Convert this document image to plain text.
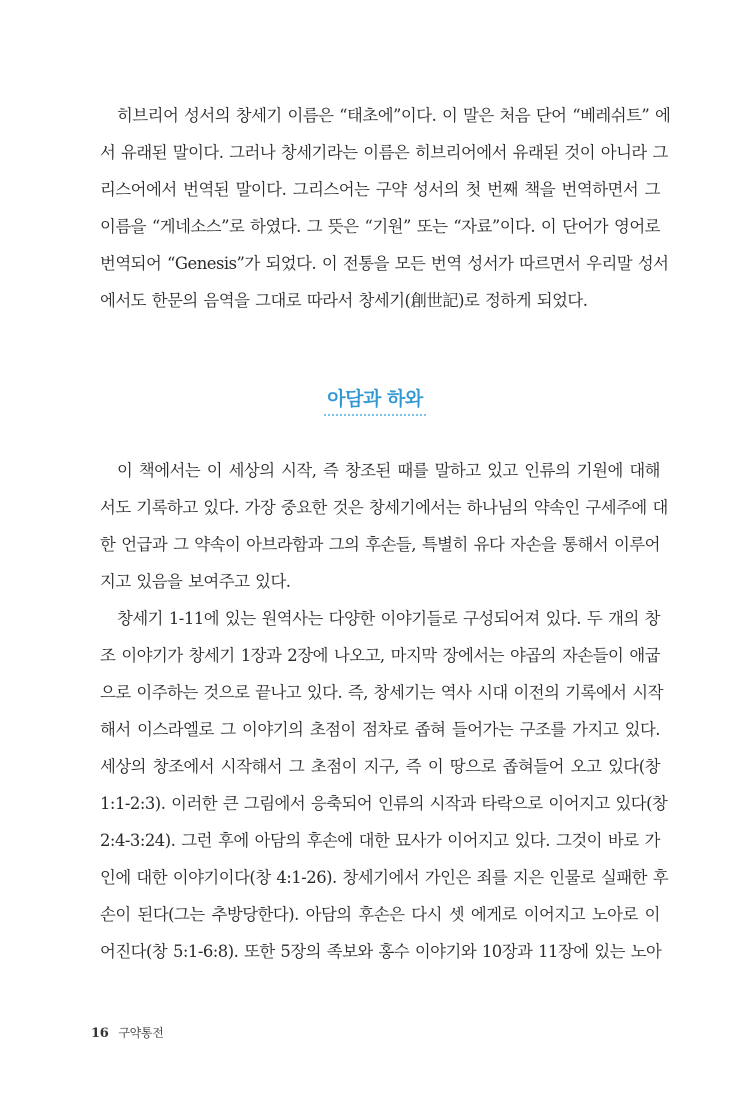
히브리어 성서의 창세기 이름은 “태초에”이다. 이 말은 처음 단어 “베레쉬트” 에
서 유래된 말이다. 그러나 창세기라는 이름은 히브리어에서 유래된 것이 아니라 그
리스어에서 번역된 말이다. 그리스어는 구약 성서의 첫 번째 책을 번역하면서 그
이름을 “게네소스”로 하였다. 그 뜻은 “기원” 또는 “자료”이다. 이 단어가 영어로
번역되어 “Genesis”가 되었다. 이 전통을 모든 번역 성서가 따르면서 우리말 성서
에서도 한문의 음역을 그대로 따라서 창세기(創世記)로 정하게 되었다.

아담과 하와

이 책에서는 이 세상의 시작, 즉 창조된 때를 말하고 있고 인류의 기원에 대해
서도 기록하고 있다. 가장 중요한 것은 창세기에서는 하나님의 약속인 구세주에 대
한 언급과 그 약속이 아브라함과 그의 후손들, 특별히 유다 자손을 통해서 이루어
지고 있음을 보여주고 있다.

창세기 1-11에 있는 원역사는 다양한 이야기들로 구성되어져 있다. 두 개의 창
조 이야기가 창세기 1장과 2장에 나오고, 마지막 장에서는 야곱의 자손들이 애굽
으로 이주하는 것으로 끝나고 있다. 즉, 창세기는 역사 시대 이전의 기록에서 시작
해서 이스라엘로 그 이야기의 초점이 점차로 좁혀 들어가는 구조를 가지고 있다.
세상의 창조에서 시작해서 그 초점이 지구, 즉 이 땅으로 좁혀들어 오고 있다(창
1:1-2:3). 이러한 큰 그림에서 응축되어 인류의 시작과 타락으로 이어지고 있다(창
2:4-3:24). 그런 후에 아담의 후손에 대한 묘사가 이어지고 있다. 그것이 바로 가
인에 대한 이야기이다(창 4:1-26). 창세기에서 가인은 죄를 지은 인물로 실패한 후
손이 된다(그는 추방당한다). 아담의 후손은 다시 셋 에게로 이어지고 노아로 이
어진다(창 5:1-6:8). 또한 5장의 족보와 홍수 이야기와 10장과 11장에 있는 노아

16 구약통전
